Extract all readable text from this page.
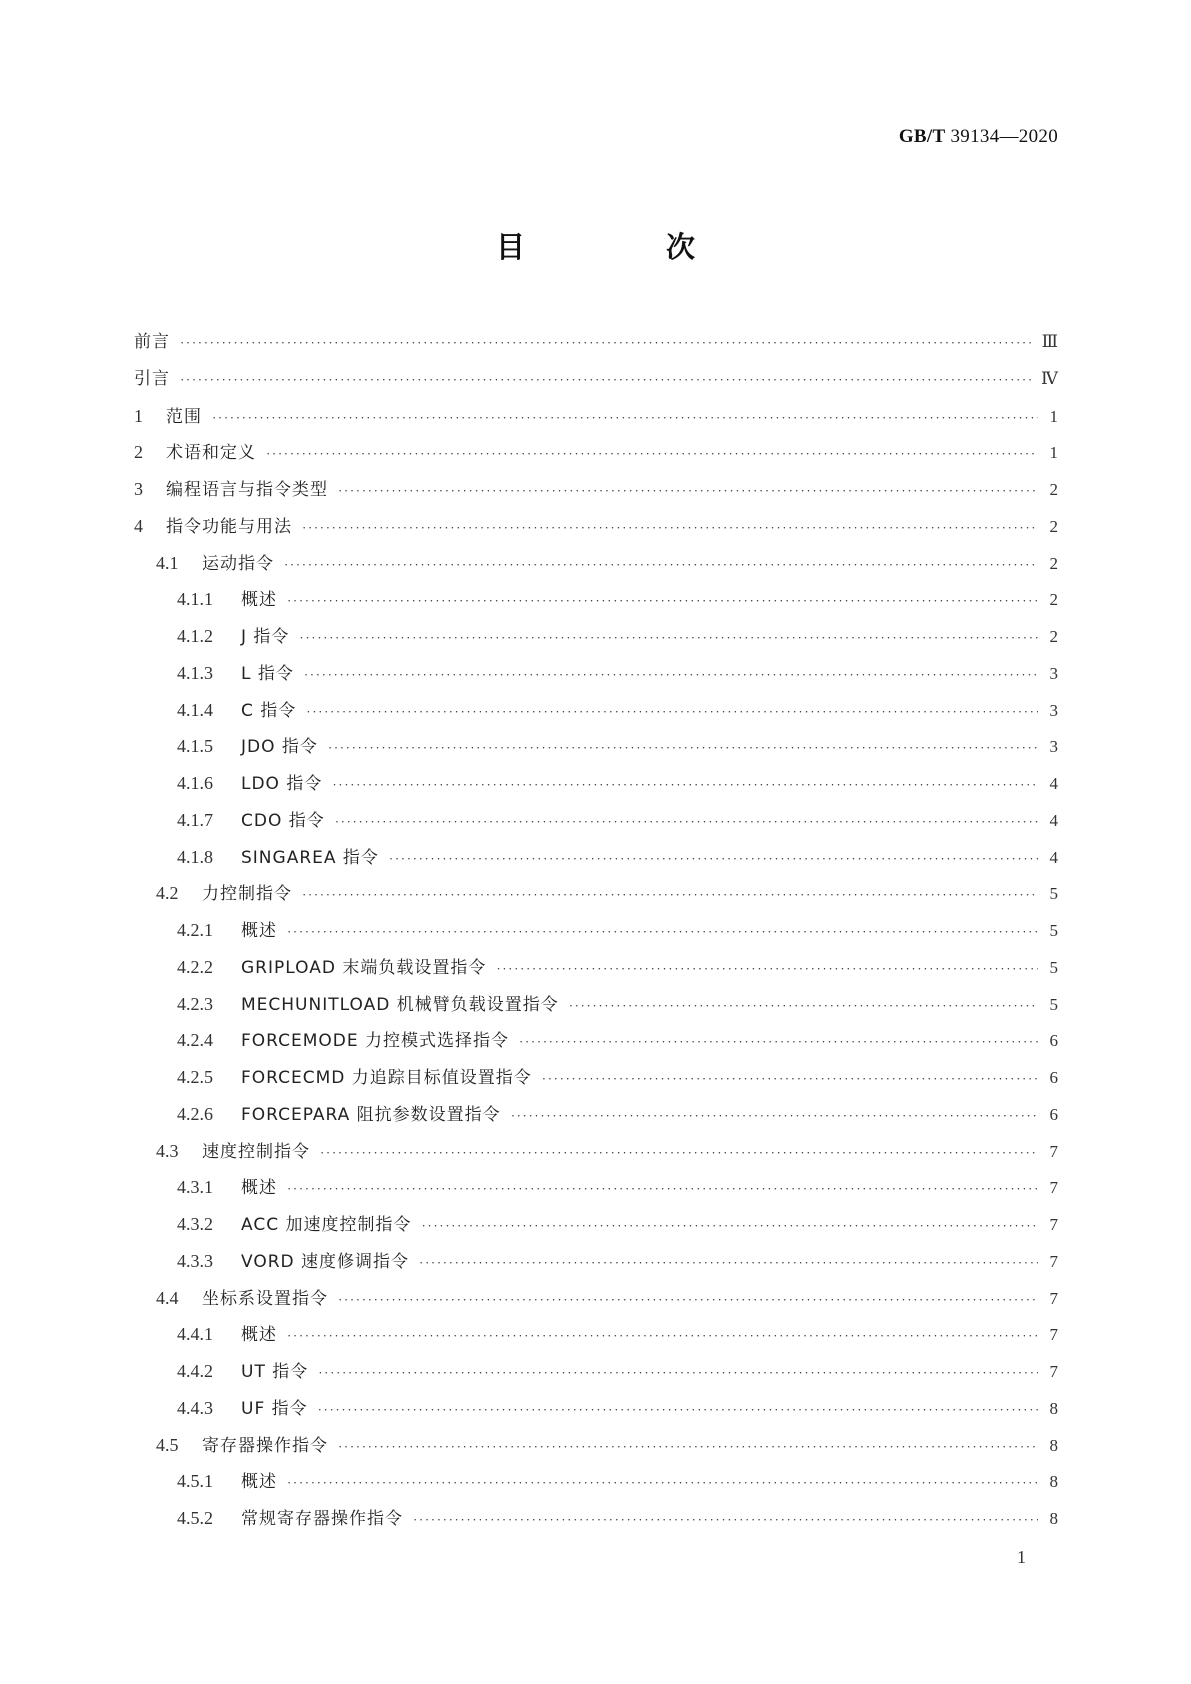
GB/T 39134—2020
目　次
前言 ·····	Ⅲ
引言 ·····	Ⅳ
1	范围 ·····	1
2	术语和定义 ·····	1
3	编程语言与指令类型 ·····	2
4	指令功能与用法 ·····	2
4.1	运动指令 ·····	2
4.1.1	概述 ·····	2
4.1.2	J 指令 ·····	2
4.1.3	L 指令 ·····	3
4.1.4	C 指令 ·····	3
4.1.5	JDO 指令 ·····	3
4.1.6	LDO 指令 ·····	4
4.1.7	CDO 指令 ·····	4
4.1.8	SINGAREA 指令 ·····	4
4.2	力控制指令 ·····	5
4.2.1	概述 ·····	5
4.2.2	GRIPLOAD 末端负载设置指令 ·····	5
4.2.3	MECHUNITLOAD 机械臂负载设置指令 ·····	5
4.2.4	FORCEMODE 力控模式选择指令 ·····	6
4.2.5	FORCECMD 力追踪目标值设置指令 ·····	6
4.2.6	FORCEPARA 阻抗参数设置指令 ·····	6
4.3	速度控制指令 ·····	7
4.3.1	概述 ·····	7
4.3.2	ACC 加速度控制指令 ·····	7
4.3.3	VORD 速度修调指令 ·····	7
4.4	坐标系设置指令 ·····	7
4.4.1	概述 ·····	7
4.4.2	UT 指令 ·····	7
4.4.3	UF 指令 ·····	8
4.5	寄存器操作指令 ·····	8
4.5.1	概述 ·····	8
4.5.2	常规寄存器操作指令 ·····	8
1
